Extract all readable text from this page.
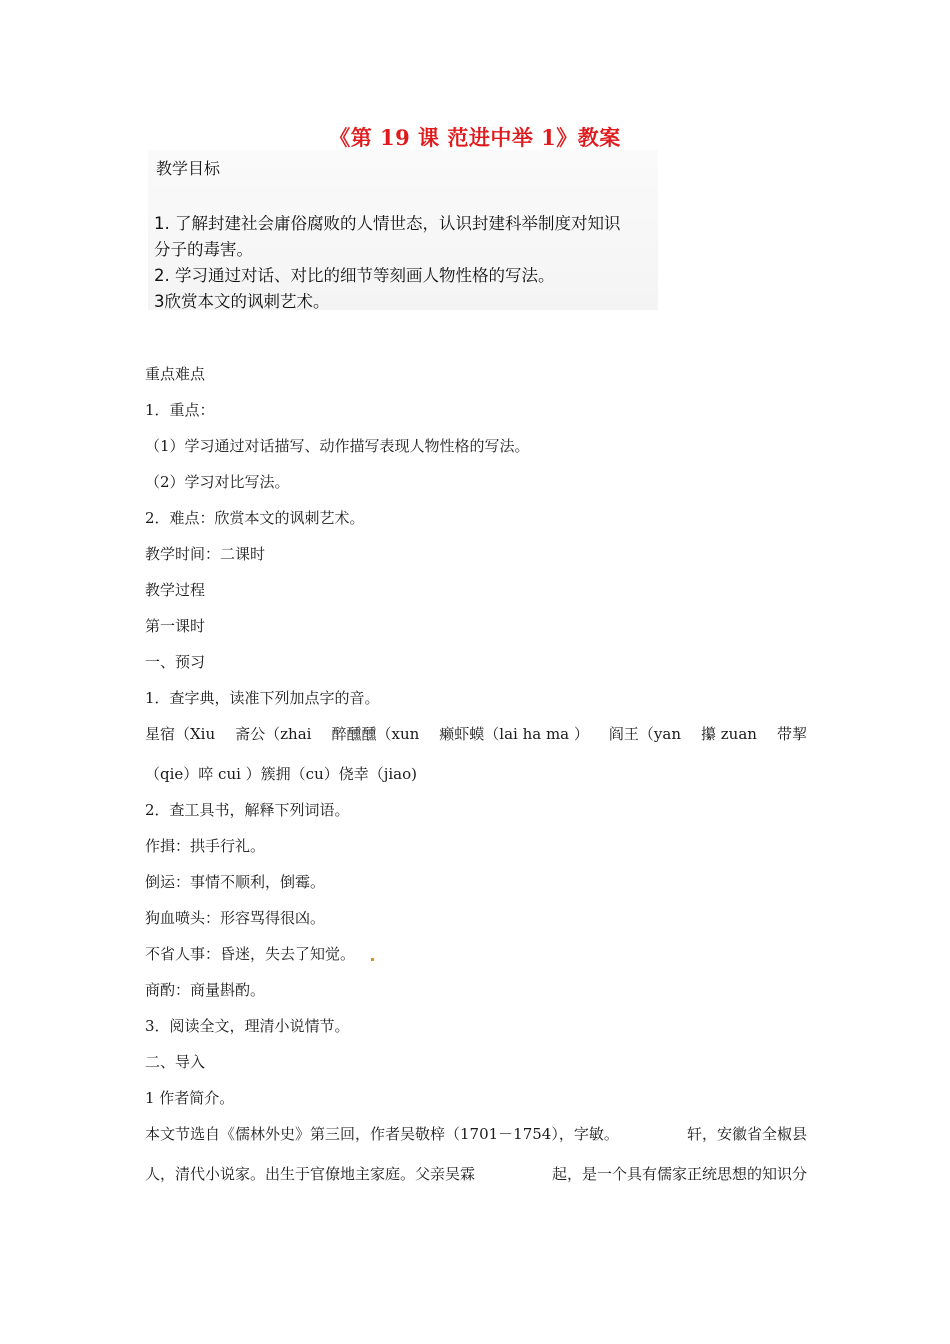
《第 19 课 范进中举 1》教案
教学目标
1. 了解封建社会庸俗腐败的人情世态，认识封建科举制度对知识
分子的毒害。
2. 学习通过对话、对比的细节等刻画人物性格的写法。
3欣赏本文的讽刺艺术。
重点难点
1．重点：
（1）学习通过对话描写、动作描写表现人物性格的写法。
（2）学习对比写法。
2．难点：欣赏本文的讽刺艺术。
教学时间：二课时
教学过程
第一课时
一、预习
1．查字典，读准下列加点字的音。
星宿（Xiu 斋公（zhai 醉醺醺（xun 癞虾蟆（lai ha ma ） 阎王（yan 攥 zuan 带挈
（qie）啐 cui ）簇拥（cu）侥幸（jiao)
2．查工具书，解释下列词语。
作揖：拱手行礼。
倒运：事情不顺利，倒霉。
狗血喷头：形容骂得很凶。
不省人事：昏迷，失去了知觉。
商酌：商量斟酌。
3．阅读全文，理清小说情节。
二、导入
1 作者简介。
本文节选自《儒林外史》第三回，作者吴敬梓（1701－1754），字敏。	轩，安徽省全椒县
人，清代小说家。出生于官僚地主家庭。父亲吴霖	起，是一个具有儒家正统思想的知识分
